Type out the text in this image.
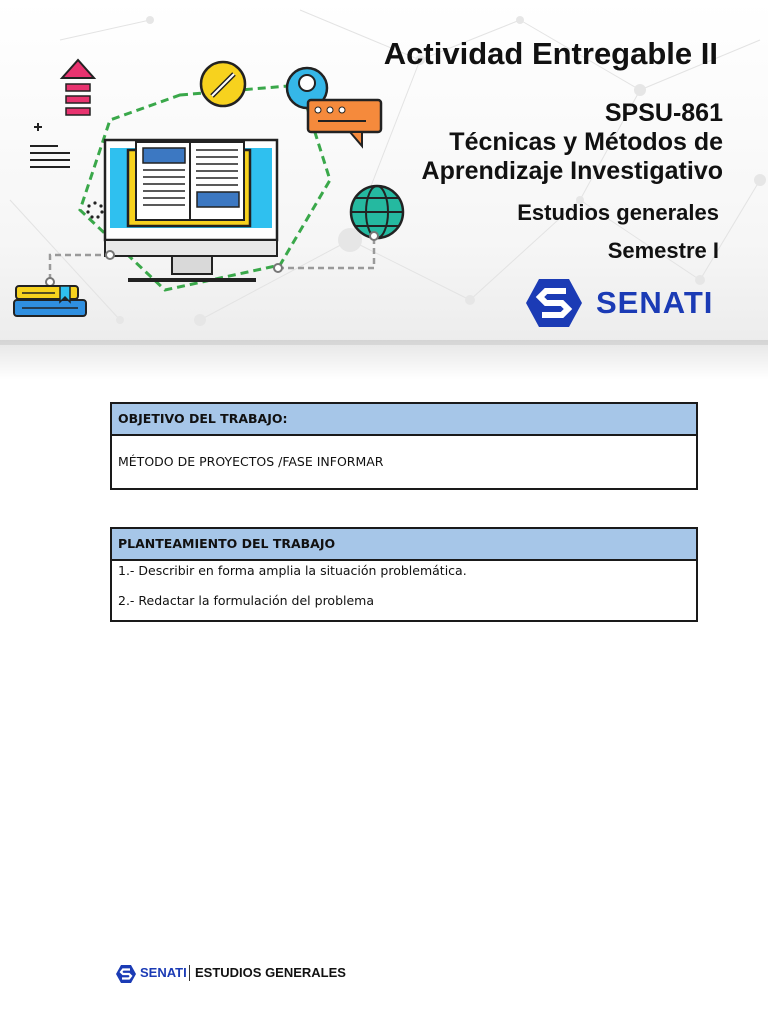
Actividad Entregable II
SPSU-861
Técnicas y Métodos de
Aprendizaje Investigativo
Estudios generales
Semestre I
SENATI
OBJETIVO DEL TRABAJO:
MÉTODO DE PROYECTOS /FASE INFORMAR
PLANTEAMIENTO DEL TRABAJO
1.- Describir en forma amplia la situación problemática.
2.- Redactar la formulación del problema
SENATI ESTUDIOS GENERALES
